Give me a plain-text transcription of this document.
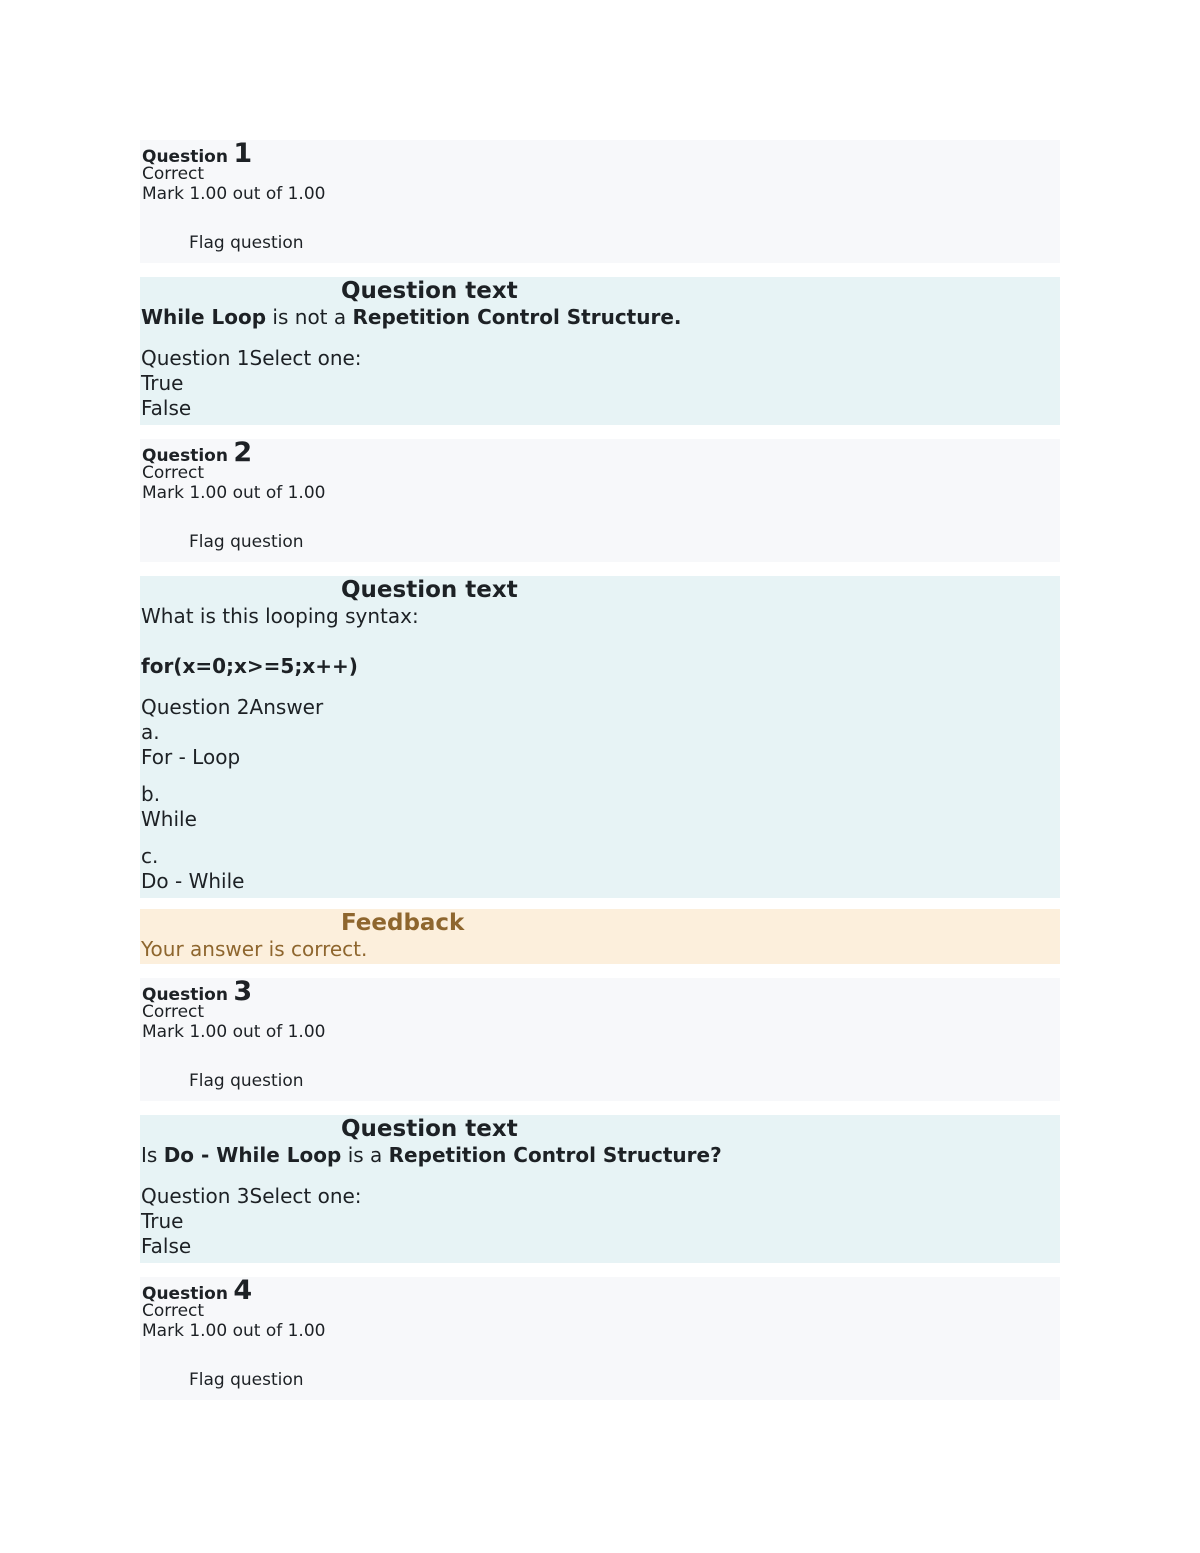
Question 1
Correct
Mark 1.00 out of 1.00
Flag question
Question text
While Loop is not a Repetition Control Structure.
Question 1Select one:
True
False
Question 2
Correct
Mark 1.00 out of 1.00
Flag question
Question text
What is this looping syntax:
for(x=0;x>=5;x++)
Question 2Answer
a.
For - Loop
b.
While
c.
Do - While
Feedback
Your answer is correct.
Question 3
Correct
Mark 1.00 out of 1.00
Flag question
Question text
Is Do - While Loop is a Repetition Control Structure?
Question 3Select one:
True
False
Question 4
Correct
Mark 1.00 out of 1.00
Flag question
